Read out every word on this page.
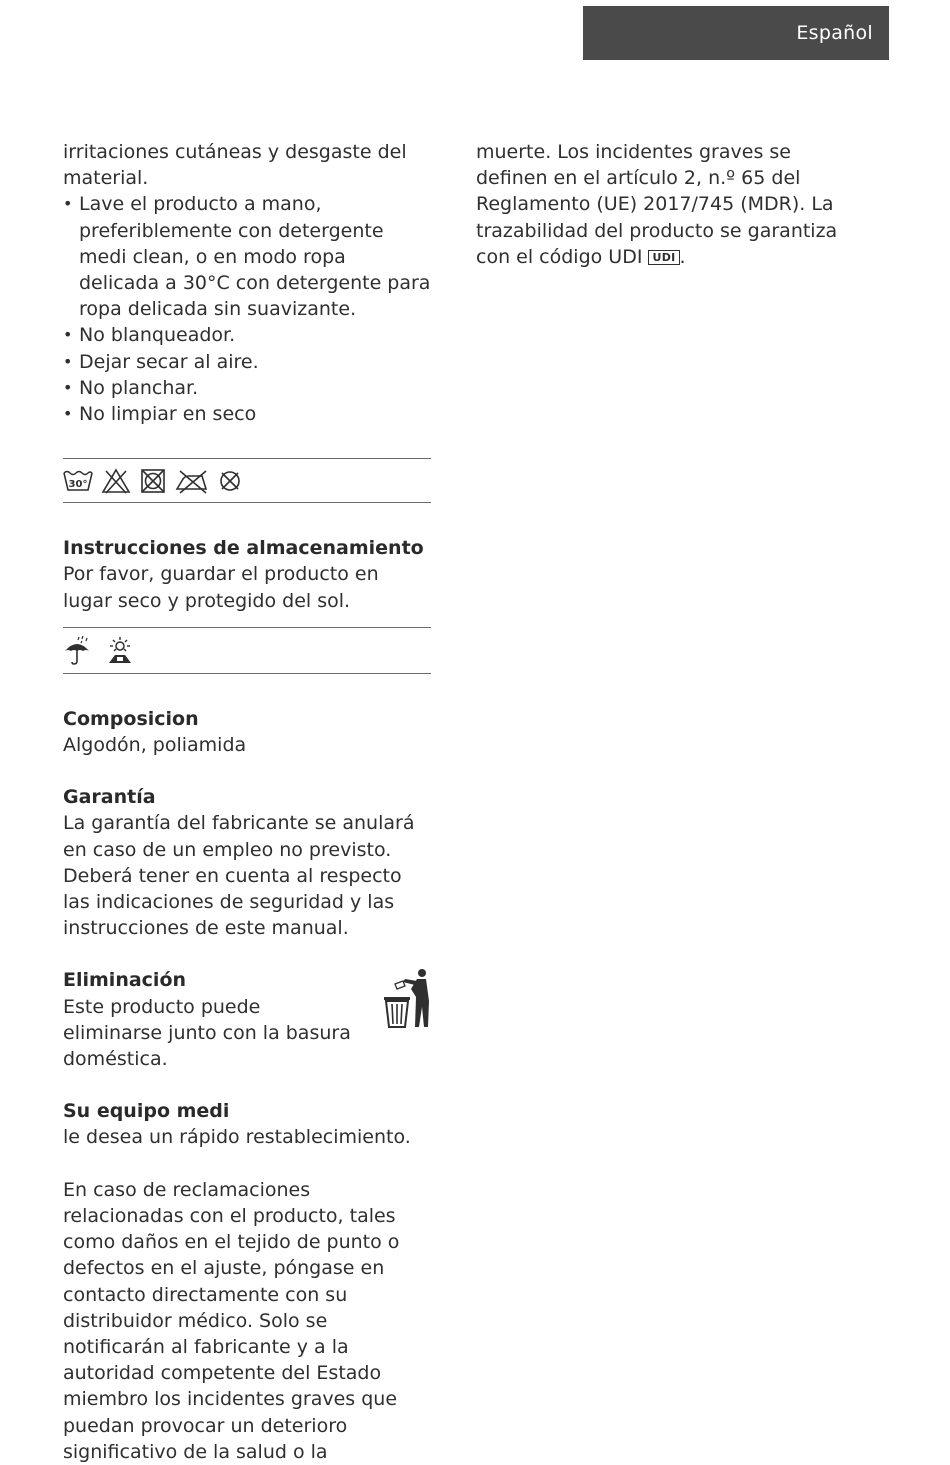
Español

irritaciones cutáneas y desgaste del material.

• Lave el producto a mano, preferiblemente con detergente medi clean, o en modo ropa delicada a 30°C con detergente para ropa delicada sin suavizante.
• No blanqueador.
• Dejar secar al aire.
• No planchar.
• No limpiar en seco
30°
Instrucciones de almacenamiento

Por favor, guardar el producto en lugar seco y protegido del sol.

Composicion

Algodón, poliamida

Garantía

La garantía del fabricante se anulará en caso de un empleo no previsto. Deberá tener en cuenta al respecto las indicaciones de seguridad y las instrucciones de este manual.

Eliminación

Este producto puede eliminarse junto con la basura doméstica.

Su equipo medi

le desea un rápido restablecimiento.

En caso de reclamaciones relacionadas con el producto, tales como daños en el tejido de punto o defectos en el ajuste, póngase en contacto directamente con su distribuidor médico. Solo se notificarán al fabricante y a la autoridad competente del Estado miembro los incidentes graves que puedan provocar un deterioro significativo de la salud o la

muerte. Los incidentes graves se definen en el artículo 2, n.º 65 del Reglamento (UE) 2017/745 (MDR). La trazabilidad del producto se garantiza con el código UDI UDI .
